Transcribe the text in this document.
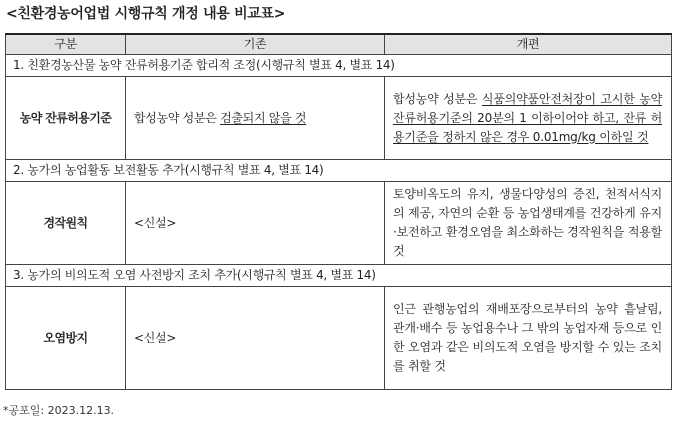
<친환경농어업법 시행규칙 개정 내용 비교표>
구분	기존	개편
1. 친환경농산물 농약 잔류허용기준 합리적 조정(시행규칙 별표 4, 별표 14)		
농약 잔류허용기준	합성농약 성분은 검출되지 않을 것	합성농약 성분은 식품의약품안전처장이 고시한 농약 잔류허용기준의 20분의 1 이하이어야 하고, 잔류 허용기준을 정하지 않은 경우 0.01mg/kg 이하일 것
2. 농가의 농업활동 보전활동 추가(시행규칙 별표 4, 별표 14)		
경작원칙	<신설>	토양비옥도의 유지, 생물다양성의 증진, 천적서식지의 제공, 자연의 순환 등 농업생태계를 건강하게 유지·보전하고 환경오염을 최소화하는 경작원칙을 적용할 것
3. 농가의 비의도적 오염 사전방지 조치 추가(시행규칙 별표 4, 별표 14)		
오염방지	<신설>	인근 관행농업의 재배포장으로부터의 농약 흩날림, 관개·배수 등 농업용수나 그 밖의 농업자재 등으로 인한 오염과 같은 비의도적 오염을 방지할 수 있는 조치를 취할 것
*공포일: 2023.12.13.
